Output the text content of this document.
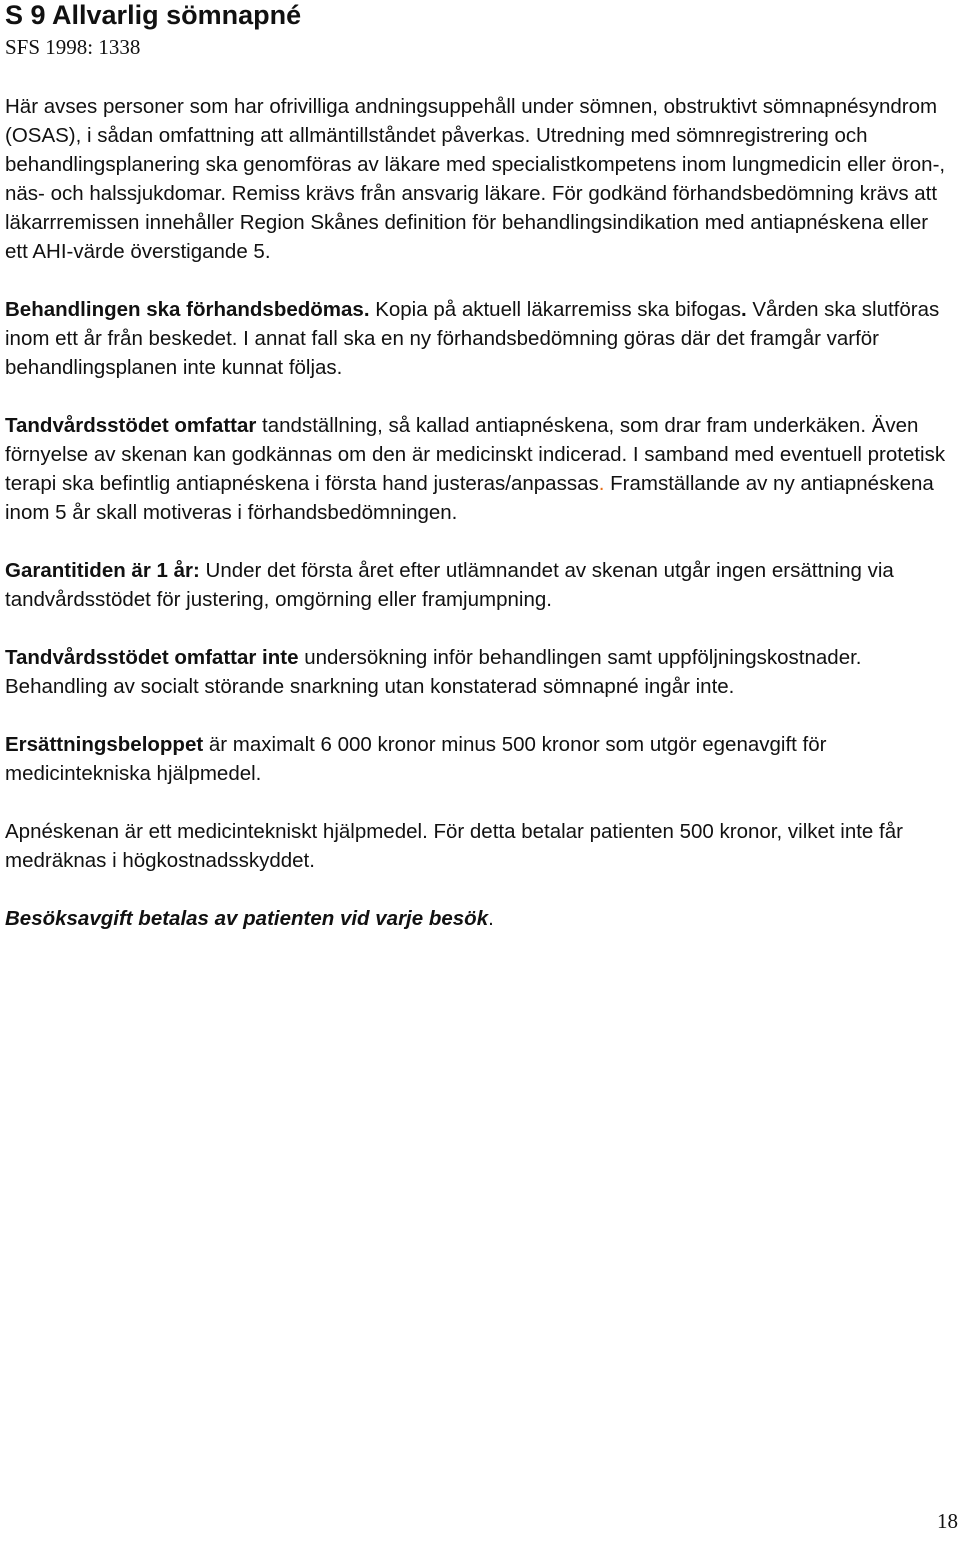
S 9 Allvarlig sömnapné
SFS 1998: 1338

Här avses personer som har ofrivilliga andningsuppehåll under sömnen, obstruktivt sömnapnésyndrom (OSAS), i sådan omfattning att allmäntillståndet påverkas. Utredning med sömnregistrering och behandlingsplanering ska genomföras av läkare med specialistkompetens inom lungmedicin eller öron-, näs- och halssjukdomar. Remiss krävs från ansvarig läkare. För godkänd förhandsbedömning krävs att läkarrremissen innehåller Region Skånes definition för behandlingsindikation med antiapnéskena eller ett AHI-värde överstigande 5.

Behandlingen ska förhandsbedömas. Kopia på aktuell läkarremiss ska bifogas. Vården ska slutföras inom ett år från beskedet. I annat fall ska en ny förhandsbedömning göras där det framgår varför behandlingsplanen inte kunnat följas.

Tandvårdsstödet omfattar tandställning, så kallad antiapnéskena, som drar fram underkäken. Även förnyelse av skenan kan godkännas om den är medicinskt indicerad. I samband med eventuell protetisk terapi ska befintlig antiapnéskena i första hand justeras/anpassas. Framställande av ny antiapnéskena inom 5 år skall motiveras i förhandsbedömningen.

Garantitiden är 1 år: Under det första året efter utlämnandet av skenan utgår ingen ersättning via tandvårdsstödet för justering, omgörning eller framjumpning.

Tandvårdsstödet omfattar inte undersökning inför behandlingen samt uppföljningskostnader. Behandling av socialt störande snarkning utan konstaterad sömnapné ingår inte.

Ersättningsbeloppet är maximalt 6 000 kronor minus 500 kronor som utgör egenavgift för medicintekniska hjälpmedel.

Apnéskenan är ett medicintekniskt hjälpmedel. För detta betalar patienten 500 kronor, vilket inte får medräknas i högkostnadsskyddet.

Besöksavgift betalas av patienten vid varje besök.

18
